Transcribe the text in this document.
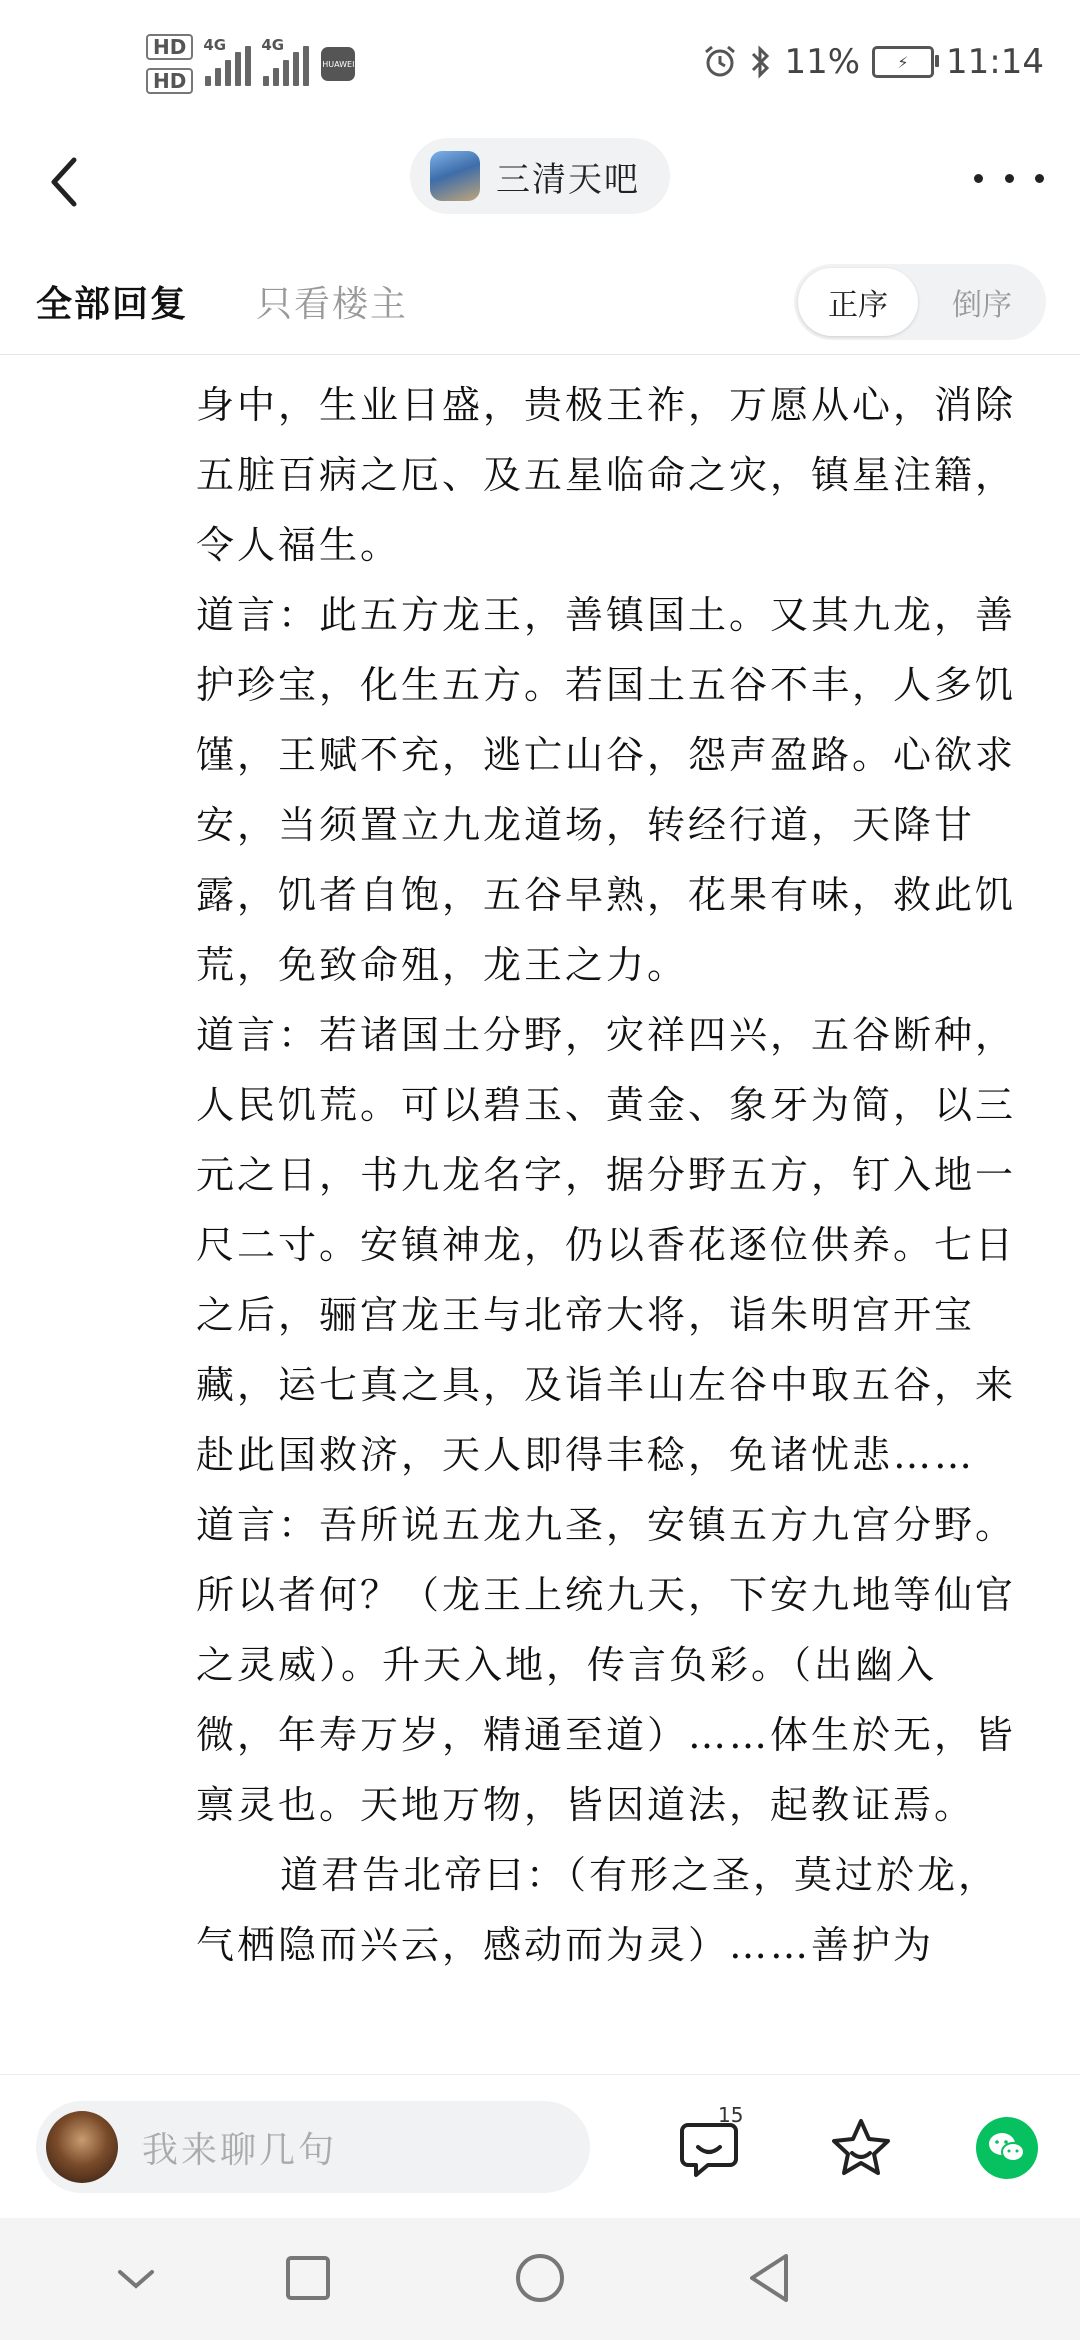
HD
HD
4G 4G
HUAWEI	11%	⚡	11:14
三清天吧
全部回复 只看楼主	正序	倒序

身中，生业日盛，贵极王祚，万愿从心，消除五脏百病之厄、及五星临命之灾，镇星注籍，令人福生。

道言：此五方龙王，善镇国土。又其九龙，善护珍宝，化生五方。若国土五谷不丰，人多饥馑，王赋不充，逃亡山谷，怨声盈路。心欲求安，当须置立九龙道场，转经行道，天降甘露，饥者自饱，五谷早熟，花果有味，救此饥荒，免致命殂，龙王之力。

道言：若诸国土分野，灾祥四兴，五谷断种，人民饥荒。可以碧玉、黄金、象牙为简，以三元之日，书九龙名字，据分野五方，钉入地一尺二寸。安镇神龙，仍以香花逐位供养。七日之后，骊宫龙王与北帝大将，诣朱明宫开宝藏，运七真之具，及诣羊山左谷中取五谷，来赴此国救济，天人即得丰稔，免诸忧悲……

道言：吾所说五龙九圣，安镇五方九宫分野。所以者何？（龙王上统九天，下安九地等仙官之灵威）。升天入地，传言负彩。（出幽入微，年寿万岁，精通至道）……体生於无，皆禀灵也。天地万物，皆因道法，起教证焉。

道君告北帝曰：（有形之圣，莫过於龙，气栖隐而兴云，感动而为灵）……善护为

我来聊几句
15
